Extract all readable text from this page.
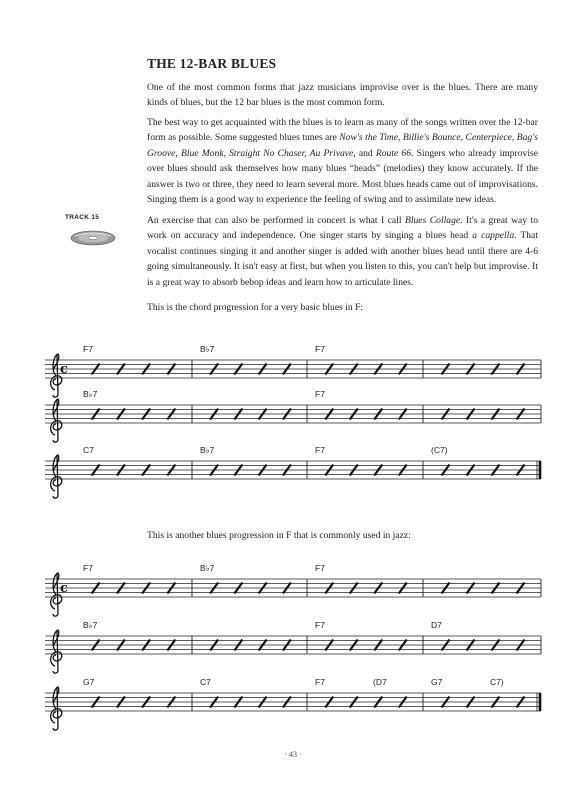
THE 12-BAR BLUES

One of the most common forms that jazz musicians improvise over is the blues. There are many kinds of blues, but the 12 bar blues is the most common form.

The best way to get acquainted with the blues is to learn as many of the songs written over the 12-bar form as possible. Some suggested blues tunes are Now's the Time, Billie's Bounce, Centerpiece, Bag's Groove, Blue Monk, Straight No Chaser, Au Privave, and Route 66. Singers who already improvise over blues should ask themselves how many blues “heads” (melodies) they know accurately. If the answer is two or three, they need to learn several more. Most blues heads came out of improvisations. Singing them is a good way to experience the feeling of swing and to assimilate new ideas.

TRACK 15	An exercise that can also be performed in concert is what I call Blues Collage. It's a great way to work on accuracy and independence. One singer starts by singing a blues head a cappella. That vocalist continues singing it and another singer is added with another blues head until there are 4-6 going simultaneously. It isn't easy at first, but when you listen to this, you can't help but improvise. It is a great way to absorb bebop ideas and learn how to articulate lines.

This is the chord progression for a very basic blues in F:
This is another blues progression in F that is commonly used in jazz:
c
F7	B♭7	F7
B♭7	F7
C7	B♭7	F7	(C7)
c
F7	B♭7	F7
B♭7	F7	D7
G7	C7	F7	(D7	G7	C7)
· 43 ·
